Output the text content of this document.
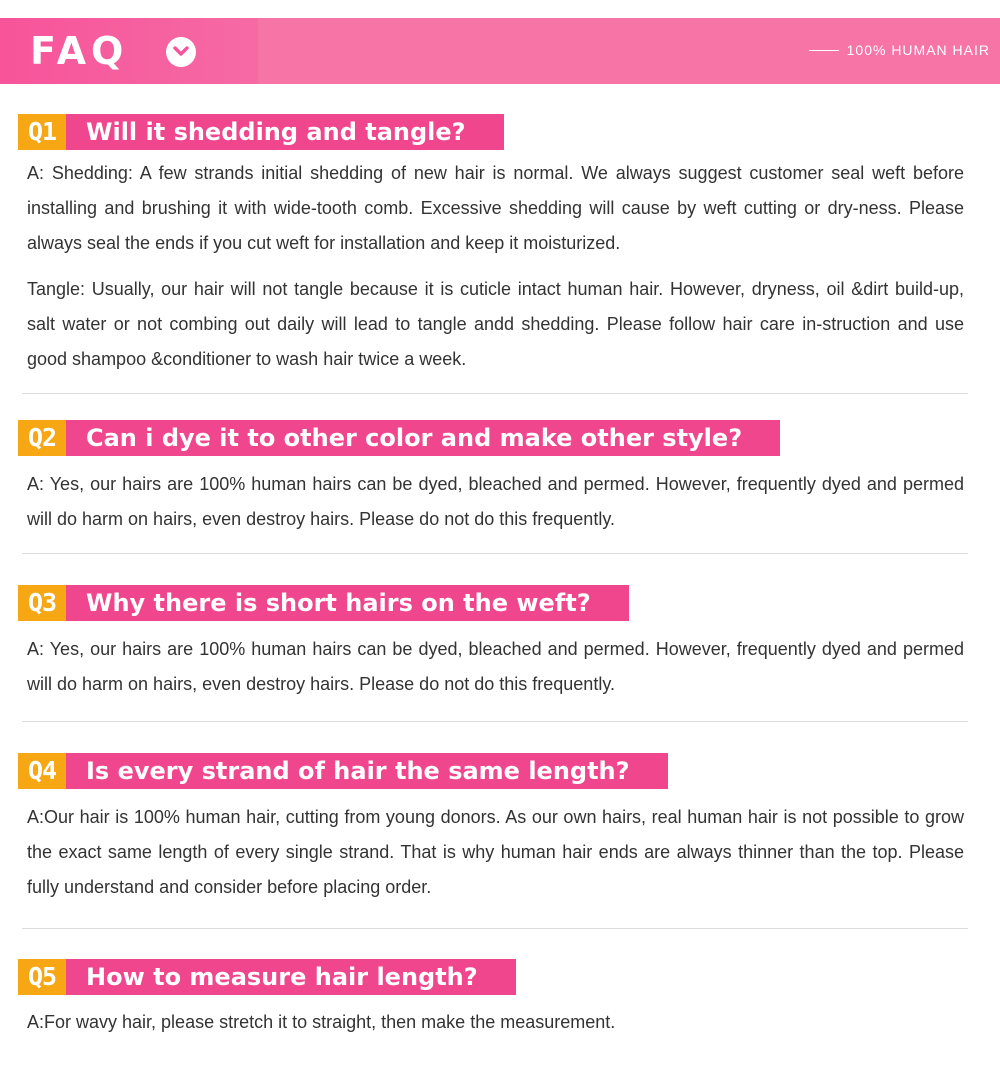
FAQ	100% HUMAN HAIR
Q1	Will it shedding and tangle?

A: Shedding: A few strands initial shedding of new hair is normal. We always suggest customer seal weft before installing and brushing it with wide-tooth comb. Excessive shedding will cause by weft cutting or dry-ness. Please always seal the ends if you cut weft for installation and keep it moisturized.

Tangle: Usually, our hair will not tangle because it is cuticle intact human hair. However, dryness, oil &dirt build-up, salt water or not combing out daily will lead to tangle andd shedding. Please follow hair care in-struction and use good shampoo &conditioner to wash hair twice a week.

Q2	Can i dye it to other color and make other style?

A: Yes, our hairs are 100% human hairs can be dyed, bleached and permed. However, frequently dyed and permed will do harm on hairs, even destroy hairs. Please do not do this frequently.

Q3	Why there is short hairs on the weft?

A: Yes, our hairs are 100% human hairs can be dyed, bleached and permed. However, frequently dyed and permed will do harm on hairs, even destroy hairs. Please do not do this frequently.

Q4	Is every strand of hair the same length?

A:Our hair is 100% human hair, cutting from young donors. As our own hairs, real human hair is not possible to grow the exact same length of every single strand. That is why human hair ends are always thinner than the top. Please fully understand and consider before placing order.

Q5	How to measure hair length?

A:For wavy hair, please stretch it to straight, then make the measurement.
